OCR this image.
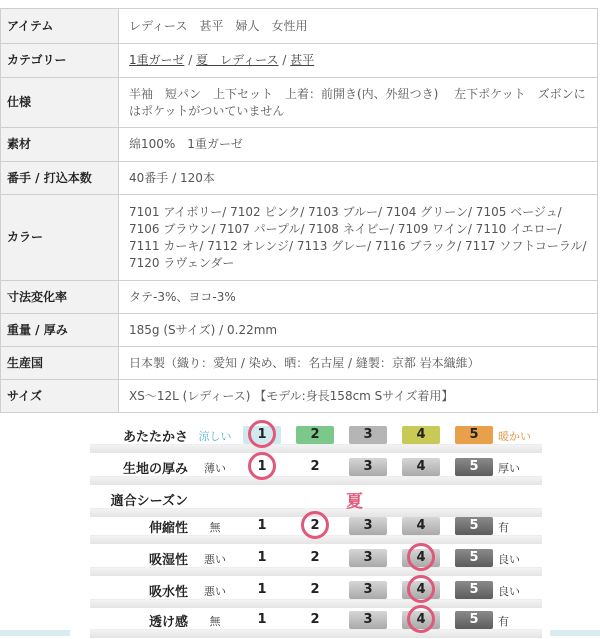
アイテム	レディース　甚平　婦人　女性用
カテゴリー	1重ガーゼ / 夏　レディース / 甚平
仕様	半袖　短パン　上下セット　上着：前開き(内、外紐つき)　 左下ポケット　ズボンにはポケットがついていません
素材	綿100%　1重ガーゼ
番手 / 打込本数	40番手 / 120本
カラー	7101 アイボリー/ 7102 ピンク/ 7103 ブルー/ 7104 グリーン/ 7105 ベージュ/ 7106 ブラウン/ 7107 パープル/ 7108 ネイビー/ 7109 ワイン/ 7110 イエロー/ 7111 カーキ/ 7112 オレンジ/ 7113 グレー/ 7116 ブラック/ 7117 ソフトコーラル/ 7120 ラヴェンダー
寸法変化率	タテ-3%、ヨコ-3%
重量 / 厚み	185g (Sサイズ) / 0.22mm
生産国	日本製（織り：愛知 / 染め、晒：名古屋 / 縫製：京都 岩本織維）
サイズ	XS～12L (レディース) 【モデル:身長158cm Sサイズ着用】
あたたかさ 涼しい	1	2	3	4	5	暖かい
生地の厚み	薄い	1	2	3	4	5	厚い
適合シーズン	夏
伸縮性	無	1	2	3	4	5	有
吸湿性	悪い	1	2	3	4	5	良い
吸水性	悪い	1	2	3	4	5	良い
透け感	無	1	2	3	4	5	有
